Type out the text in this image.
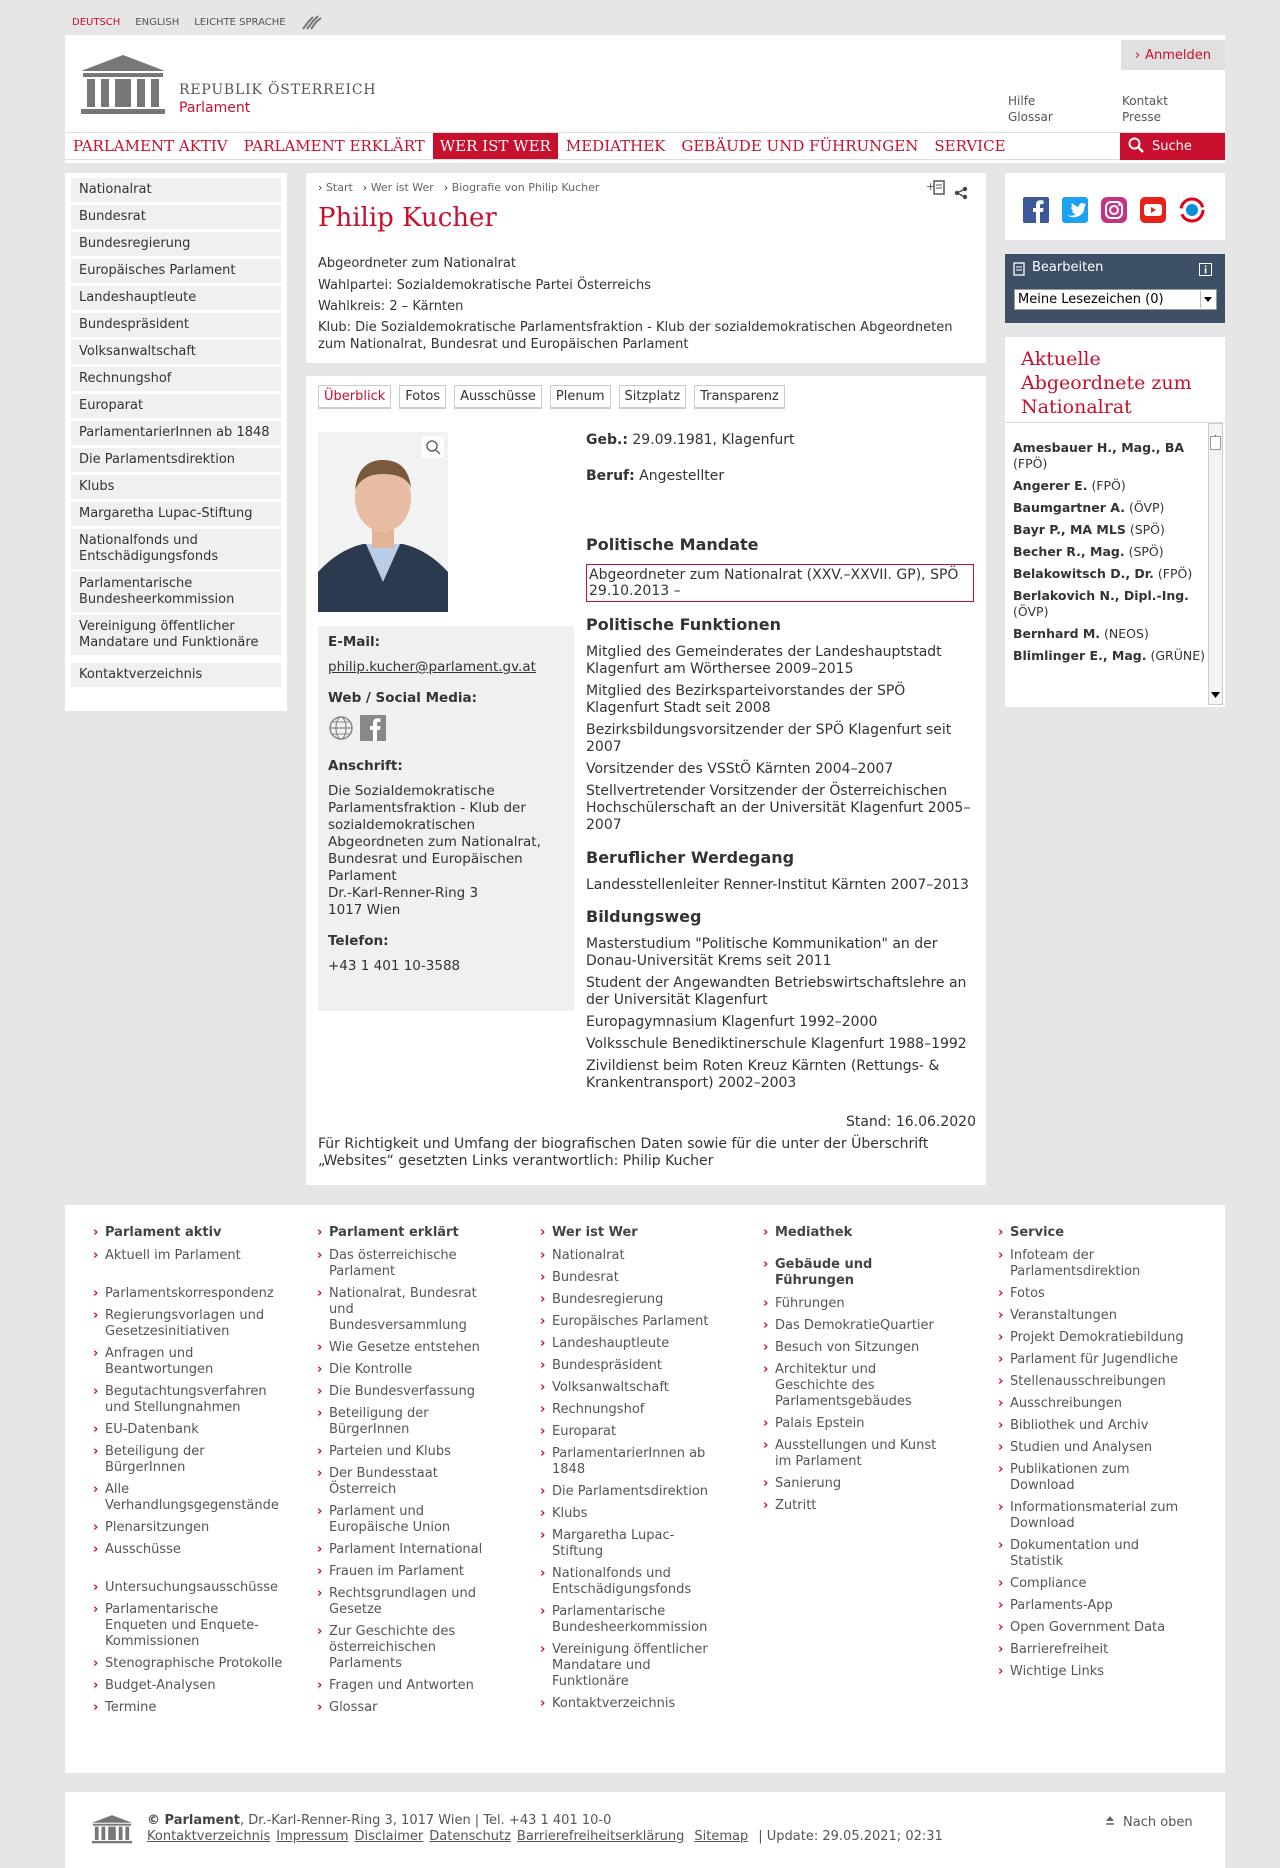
DEUTSCH ENGLISH LEICHTE SPRACHE
REPUBLIK ÖSTERREICH
Parlament
› Anmelden
Hilfe
Glossar
Kontakt
Presse
PARLAMENT AKTIV	PARLAMENT ERKLÄRT	WER IST WER	MEDIATHEK	GEBÄUDE UND FÜHRUNGEN	SERVICE	Suche
Nationalrat
Bundesrat
Bundesregierung
Europäisches Parlament
Landeshauptleute
Bundespräsident
Volksanwaltschaft
Rechnungshof
Europarat
ParlamentarierInnen ab 1848
Die Parlamentsdirektion
Klubs
Margaretha Lupac-Stiftung
Nationalfonds und Entschädigungsfonds
Parlamentarische Bundesheerkommission
Vereinigung öffentlicher Mandatare und Funktionäre
Kontaktverzeichnis
› Start	› Wer ist Wer	› Biografie von Philip Kucher	+
Philip Kucher
Abgeordneter zum Nationalrat
Wahlpartei: Sozialdemokratische Partei Österreichs
Wahlkreis: 2 – Kärnten
Klub: Die Sozialdemokratische Parlamentsfraktion - Klub der sozialdemokratischen Abgeordneten zum Nationalrat, Bundesrat und Europäischen Parlament
Überblick	Fotos	Ausschüsse	Plenum	Sitzplatz	Transparenz
E-Mail:
philip.kucher@parlament.gv.at
Web / Social Media:
Anschrift:
Die Sozialdemokratische Parlamentsfraktion - Klub der sozialdemokratischen Abgeordneten zum Nationalrat, Bundesrat und Europäischen Parlament
Dr.-Karl-Renner-Ring 3
1017 Wien
Telefon:
+43 1 401 10-3588
Geb.: 29.09.1981, Klagenfurt
Beruf: Angestellter
Politische Mandate
Abgeordneter zum Nationalrat (XXV.–XXVII. GP), SPÖ 29.10.2013 –
Politische Funktionen
Mitglied des Gemeinderates der Landeshauptstadt Klagenfurt am Wörthersee 2009–2015
Mitglied des Bezirksparteivorstandes der SPÖ Klagenfurt Stadt seit 2008
Bezirksbildungsvorsitzender der SPÖ Klagenfurt seit 2007
Vorsitzender des VSStÖ Kärnten 2004–2007
Stellvertretender Vorsitzender der Österreichischen Hochschülerschaft an der Universität Klagenfurt 2005–2007
Beruflicher Werdegang
Landesstellenleiter Renner-Institut Kärnten 2007–2013
Bildungsweg
Masterstudium "Politische Kommunikation" an der Donau-Universität Krems seit 2011
Student der Angewandten Betriebswirtschaftslehre an der Universität Klagenfurt
Europagymnasium Klagenfurt 1992–2000
Volksschule Benediktinerschule Klagenfurt 1988–1992
Zivildienst beim Roten Kreuz Kärnten (Rettungs- & Krankentransport) 2002–2003
Stand: 16.06.2020
Für Richtigkeit und Umfang der biografischen Daten sowie für die unter der Überschrift „Websites“ gesetzten Links verantwortlich: Philip Kucher
Bearbeiten
Meine Lesezeichen (0)
Aktuelle Abgeordnete zum Nationalrat
Amesbauer H., Mag., BA (FPÖ)
Angerer E. (FPÖ)
Baumgartner A. (ÖVP)
Bayr P., MA MLS (SPÖ)
Becher R., Mag. (SPÖ)
Belakowitsch D., Dr. (FPÖ)
Berlakovich N., Dipl.-Ing. (ÖVP)
Bernhard M. (NEOS)
Blimlinger E., Mag. (GRÜNE)
› Parlament aktiv
› Aktuell im Parlament
› Parlamentskorrespondenz
› Regierungsvorlagen und Gesetzesinitiativen
› Anfragen und Beantwortungen
› Begutachtungsverfahren und Stellungnahmen
› EU-Datenbank
› Beteiligung der BürgerInnen
› Alle Verhandlungsgegenstände
› Plenarsitzungen
› Ausschüsse
› Untersuchungsausschüsse
› Parlamentarische Enqueten und Enquete-Kommissionen
› Stenographische Protokolle
› Budget-Analysen
› Termine
› Parlament erklärt
› Das österreichische Parlament
› Nationalrat, Bundesrat und Bundesversammlung
› Wie Gesetze entstehen
› Die Kontrolle
› Die Bundesverfassung
› Beteiligung der BürgerInnen
› Parteien und Klubs
› Der Bundesstaat Österreich
› Parlament und Europäische Union
› Parlament International
› Frauen im Parlament
› Rechtsgrundlagen und Gesetze
› Zur Geschichte des österreichischen Parlaments
› Fragen und Antworten
› Glossar
› Wer ist Wer
› Nationalrat
› Bundesrat
› Bundesregierung
› Europäisches Parlament
› Landeshauptleute
› Bundespräsident
› Volksanwaltschaft
› Rechnungshof
› Europarat
› ParlamentarierInnen ab 1848
› Die Parlamentsdirektion
› Klubs
› Margaretha Lupac-Stiftung
› Nationalfonds und Entschädigungsfonds
› Parlamentarische Bundesheerkommission
› Vereinigung öffentlicher Mandatare und Funktionäre
› Kontaktverzeichnis
› Mediathek
› Gebäude und Führungen
› Führungen
› Das DemokratieQuartier
› Besuch von Sitzungen
› Architektur und Geschichte des Parlamentsgebäudes
› Palais Epstein
› Ausstellungen und Kunst im Parlament
› Sanierung
› Zutritt
› Service
› Infoteam der Parlamentsdirektion
› Fotos
› Veranstaltungen
› Projekt Demokratiebildung
› Parlament für Jugendliche
› Stellenausschreibungen
› Ausschreibungen
› Bibliothek und Archiv
› Studien und Analysen
› Publikationen zum Download
› Informationsmaterial zum Download
› Dokumentation und Statistik
› Compliance
› Parlaments-App
› Open Government Data
› Barrierefreiheit
› Wichtige Links
© Parlament, Dr.-Karl-Renner-Ring 3, 1017 Wien | Tel. +43 1 401 10-0
Kontaktverzeichnis Impressum Disclaimer Datenschutz Barrierefreiheitserklärung Sitemap | Update: 29.05.2021; 02:31
Nach oben
